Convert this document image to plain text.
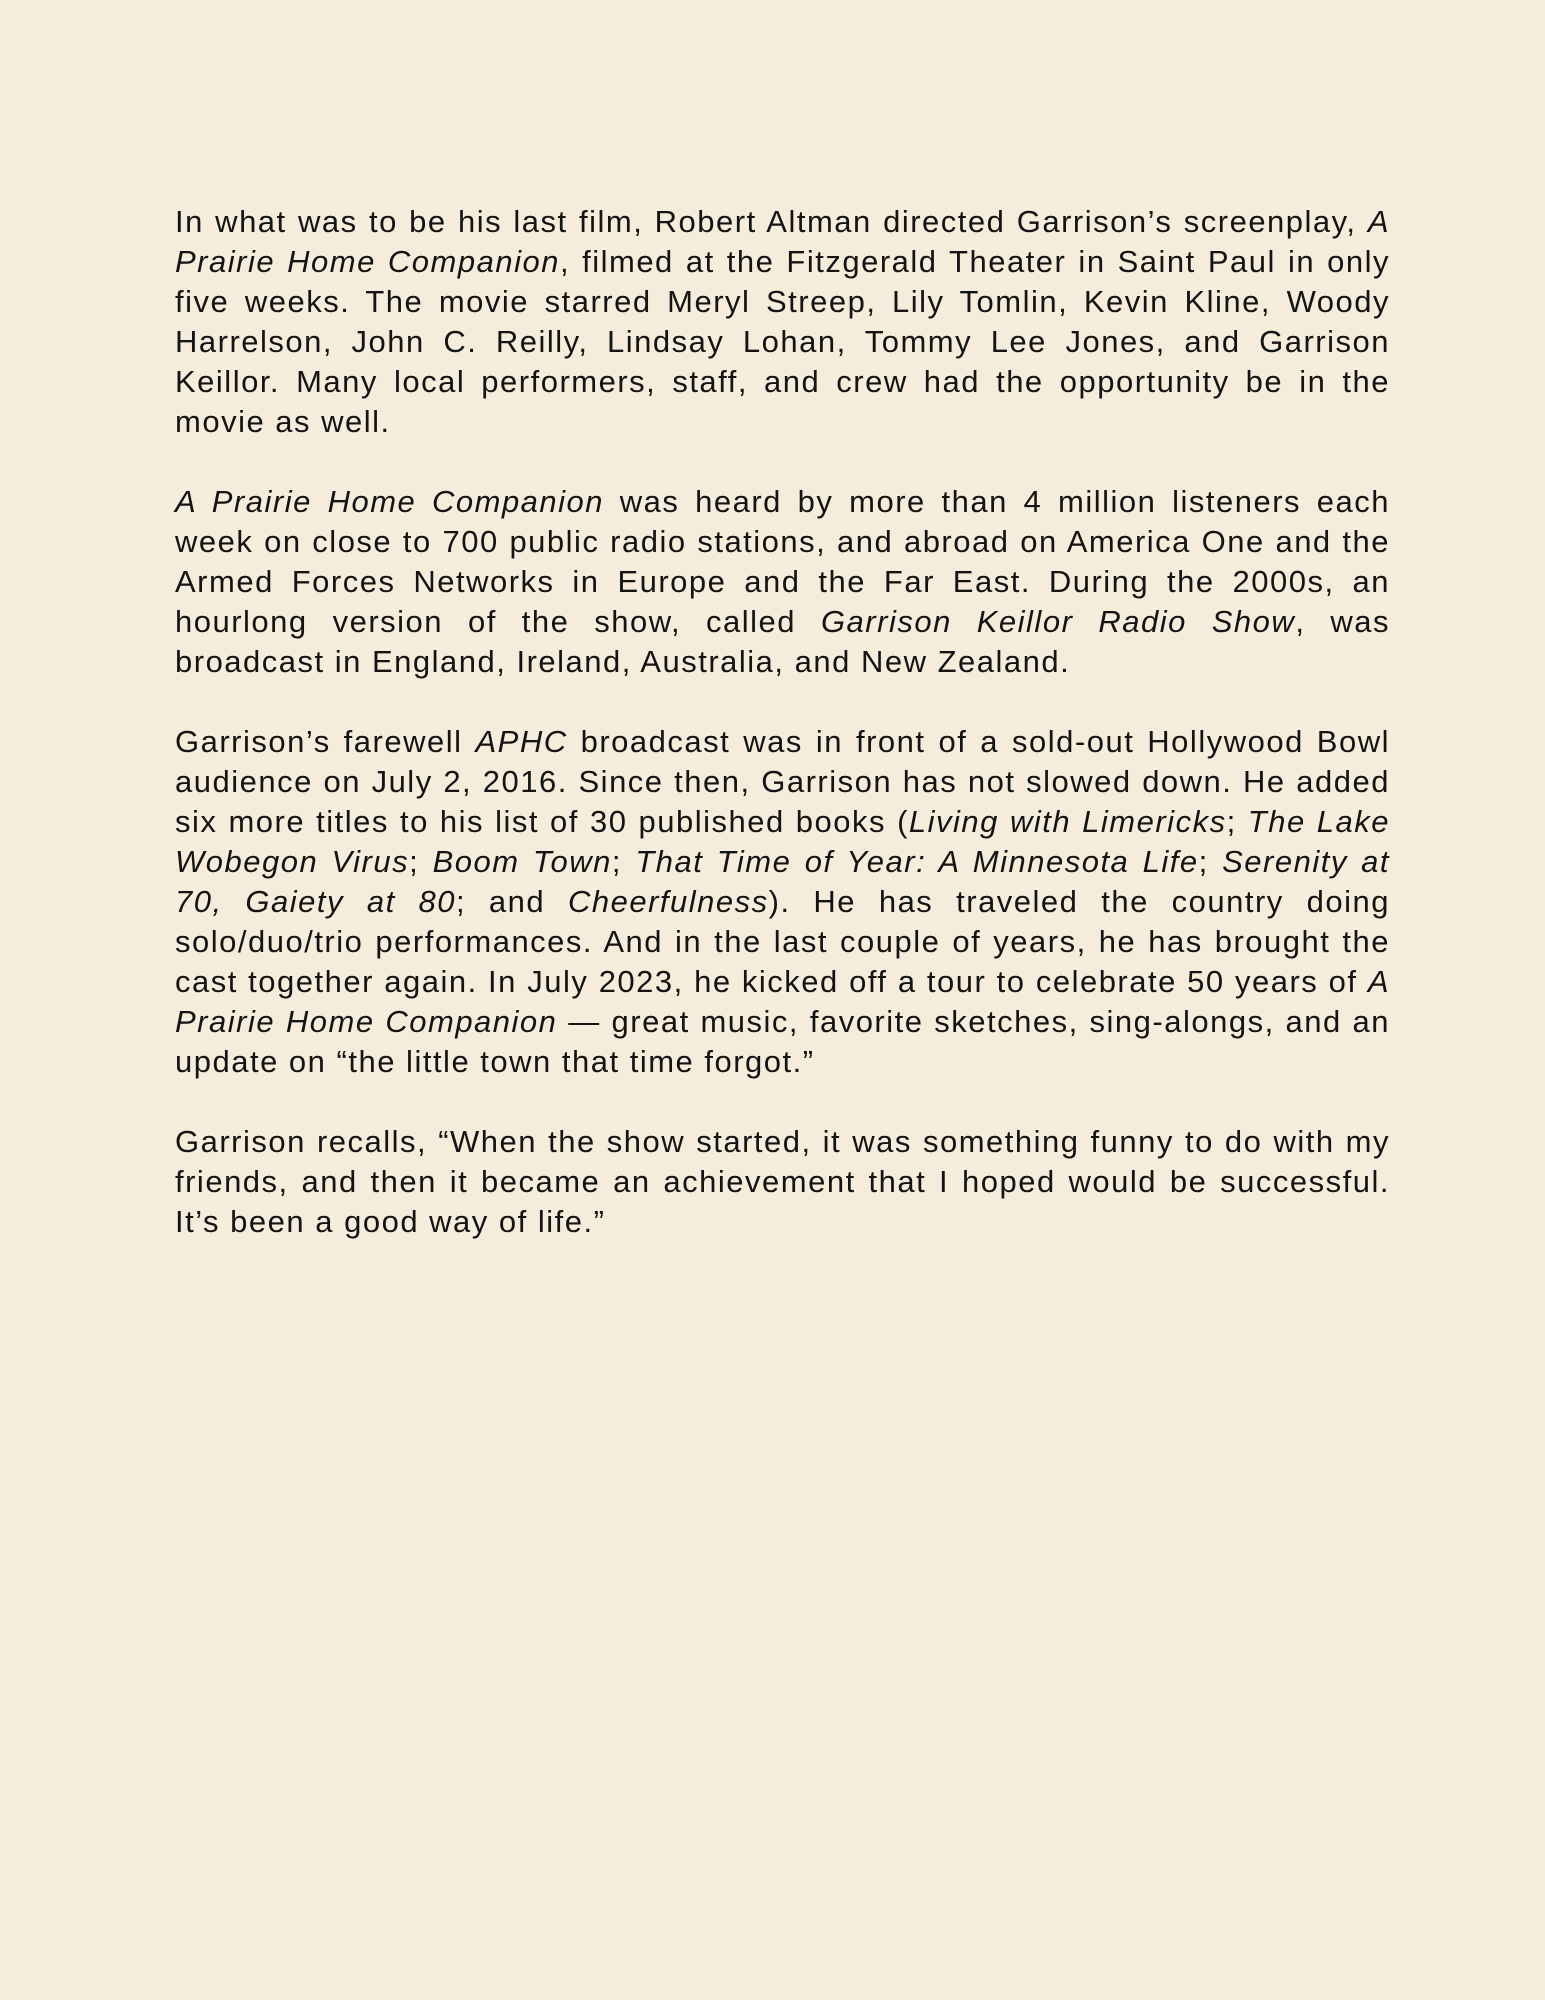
In what was to be his last film, Robert Altman directed Garrison’s screenplay, A Prairie Home Companion, filmed at the Fitzgerald Theater in Saint Paul in only five weeks. The movie starred Meryl Streep, Lily Tomlin, Kevin Kline, Woody Harrelson, John C. Reilly, Lindsay Lohan, Tommy Lee Jones, and Garrison Keillor. Many local performers, staff, and crew had the opportunity be in the movie as well.

A Prairie Home Companion was heard by more than 4 million listeners each week on close to 700 public radio stations, and abroad on America One and the Armed Forces Networks in Europe and the Far East. During the 2000s, an hourlong version of the show, called Garrison Keillor Radio Show, was broadcast in England, Ireland, Australia, and New Zealand.

Garrison’s farewell APHC broadcast was in front of a sold-out Hollywood Bowl audience on July 2, 2016. Since then, Garrison has not slowed down. He added six more titles to his list of 30 published books (Living with Limericks; The Lake Wobegon Virus; Boom Town; That Time of Year: A Minnesota Life; Serenity at 70, Gaiety at 80; and Cheerfulness). He has traveled the country doing solo/duo/trio performances. And in the last couple of years, he has brought the cast together again. In July 2023, he kicked off a tour to celebrate 50 years of A Prairie Home Companion — great music, favorite sketches, sing-alongs, and an update on “the little town that time forgot.”

Garrison recalls, “When the show started, it was something funny to do with my friends, and then it became an achievement that I hoped would be successful. It’s been a good way of life.”
